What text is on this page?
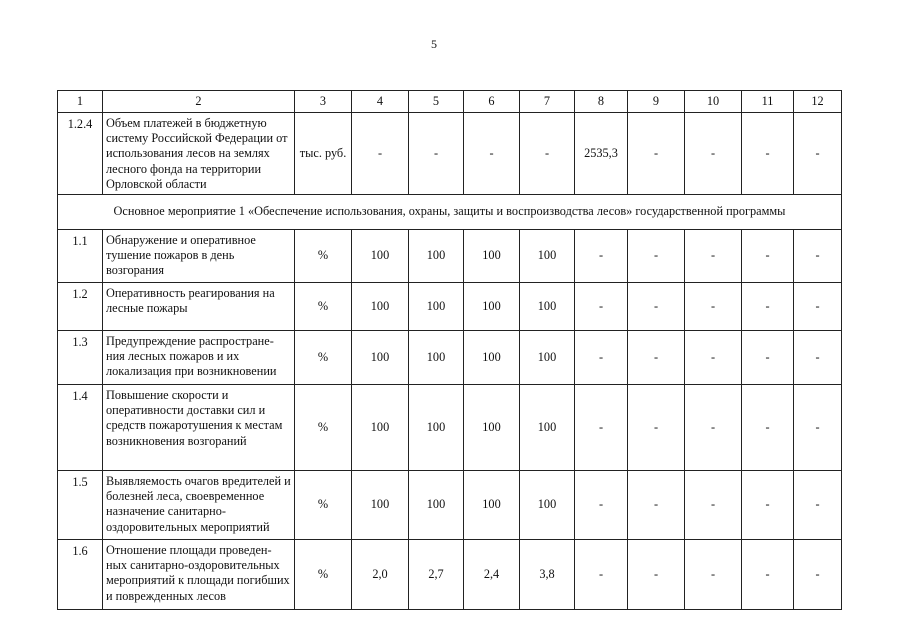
5
1	2	3	4	5	6	7	8	9	10	11	12
1.2.4	Объем платежей в бюджетную систему Российской Федерации от использования лесов на землях лесного фонда на территории Орловской области	тыс. руб.	-	-	-	-	2535,3	-	-	-	-
Основное мероприятие 1 «Обеспечение использования, охраны, защиты и воспроизводства лесов» государственной программы											
1.1	Обнаружение и оперативное тушение пожаров в день возгорания	%	100	100	100	100	-	-	-	-	-
1.2	Оперативность реагирования на лесные пожары	%	100	100	100	100	-	-	-	-	-
1.3	Предупреждение распростране-ния лесных пожаров и их локализация при возникновении	%	100	100	100	100	-	-	-	-	-
1.4	Повышение скорости и оперативности доставки сил и средств пожаротушения к местам возникновения возгораний	%	100	100	100	100	-	-	-	-	-
1.5	Выявляемость очагов вредителей и болезней леса, своевременное назначение санитарно-оздоровительных мероприятий	%	100	100	100	100	-	-	-	-	-
1.6	Отношение площади проведен-ных санитарно-оздоровительных мероприятий к площади погибших и поврежденных лесов	%	2,0	2,7	2,4	3,8	-	-	-	-	-
